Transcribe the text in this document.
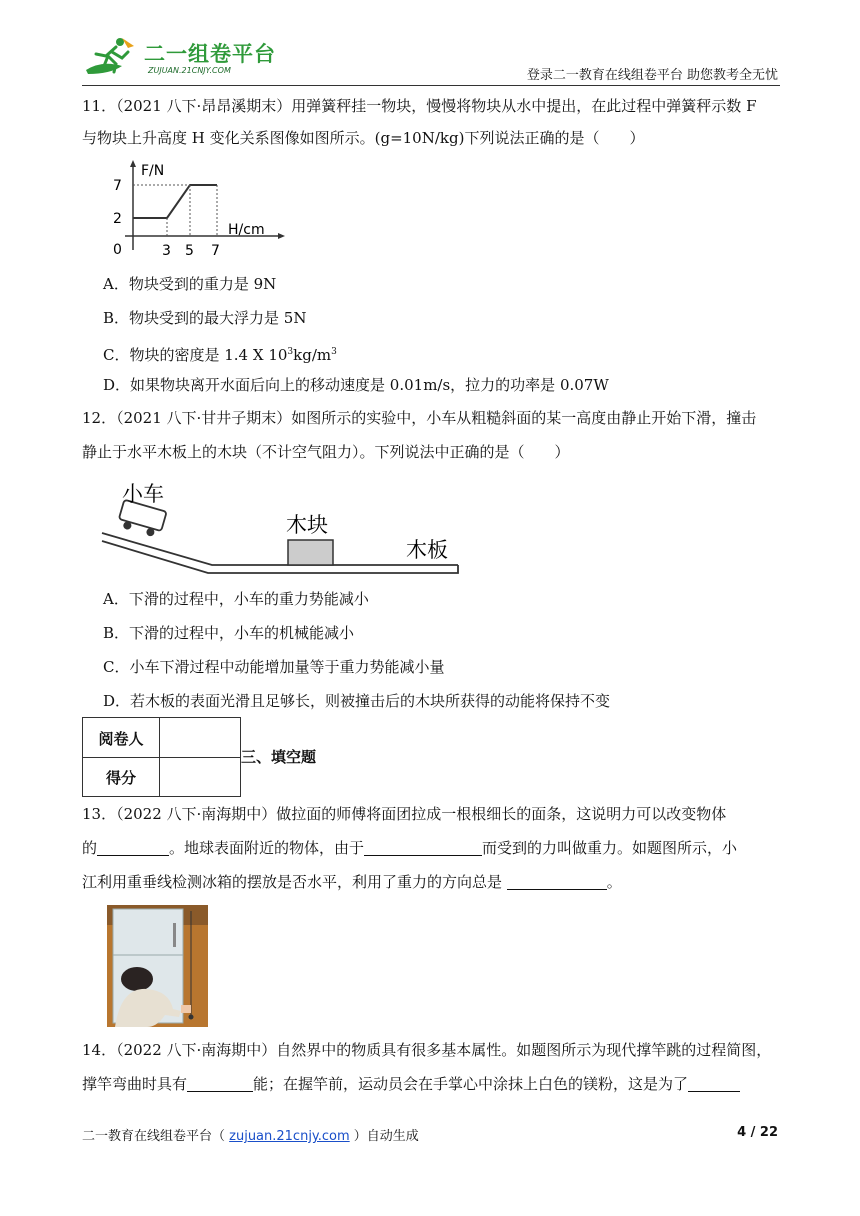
二一组卷平台
ZUJUAN.21CNJY.COM	登录二一教育在线组卷平台 助您教考全无忧
11．（2021 八下·昂昂溪期末）用弹簧秤挂一物块，慢慢将物块从水中提出，在此过程中弹簧秤示数 F
与物块上升高度 H 变化关系图像如图所示。(g=10N/kg)下列说法正确的是（　　）
F/N
H/cm
7
2
0	3 5 7
A．物块受到的重力是 9N
B．物块受到的最大浮力是 5N
C．物块的密度是 1.4 X $10^3kg/m^3$
D．如果物块离开水面后向上的移动速度是 0.01m/s，拉力的功率是 0.07W
12．（2021 八下·甘井子期末）如图所示的实验中，小车从粗糙斜面的某一高度由静止开始下滑，撞击
静止于水平木板上的木块（不计空气阻力）。下列说法中正确的是（　　）
小车
木块
木板
A．下滑的过程中，小车的重力势能减小
B．下滑的过程中，小车的机械能减小
C．小车下滑过程中动能增加量等于重力势能减小量
D．若木板的表面光滑且足够长，则被撞击后的木块所获得的动能将保持不变
阅卷人
得分
三、填空题
13．（2022 八下·南海期中）做拉面的师傅将面团拉成一根根细长的面条，这说明力可以改变物体
的	。地球表面附近的物体，由于	而受到的力叫做重力。如题图所示，小
江利用重垂线检测冰箱的摆放是否水平，利用了重力的方向总是	。
14．（2022 八下·南海期中）自然界中的物质具有很多基本属性。如题图所示为现代撑竿跳的过程简图，
撑竿弯曲时具有	能；在握竿前，运动员会在手掌心中涂抹上白色的镁粉，这是为了
二一教育在线组卷平台（ zujuan.21cnjy.com ）自动生成	4 / 22
